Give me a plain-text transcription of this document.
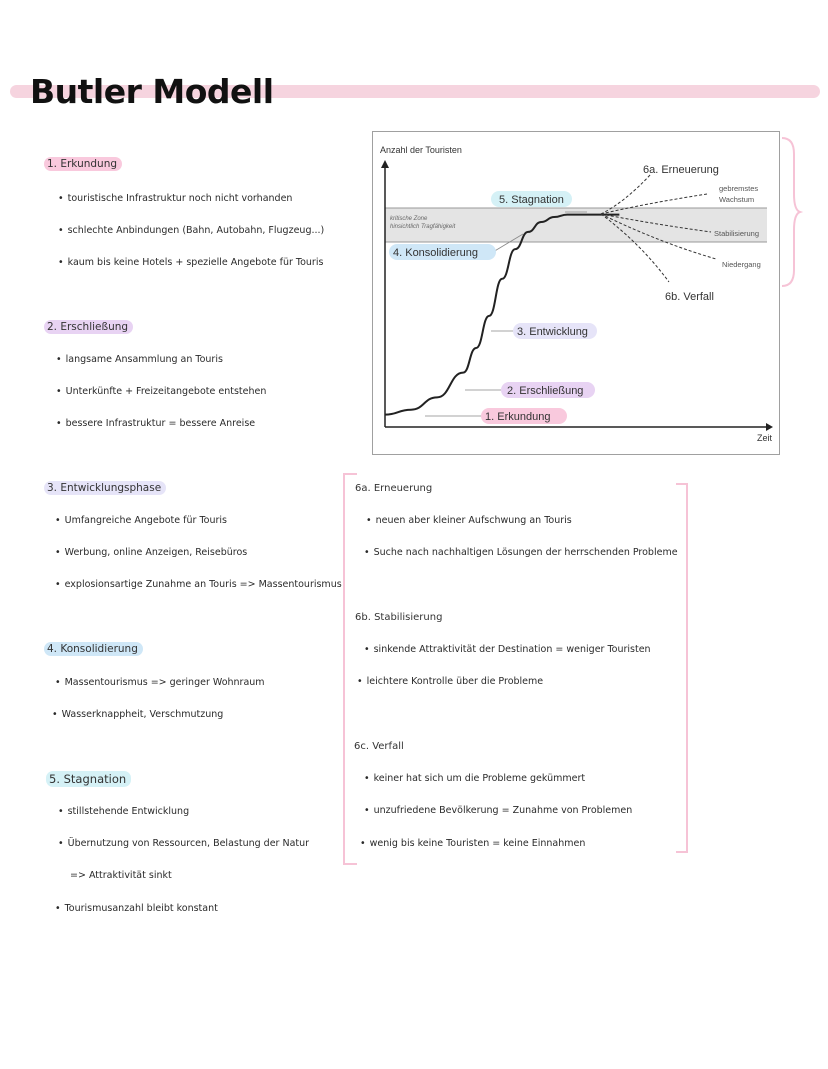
Butler Modell
1. Erkundung
• touristische Infrastruktur noch nicht vorhanden
• schlechte Anbindungen (Bahn, Autobahn, Flugzeug...)
• kaum bis keine Hotels + spezielle Angebote für Touris
2. Erschließung
• langsame Ansammlung an Touris
• Unterkünfte + Freizeitangebote entstehen
• bessere Infrastruktur = bessere Anreise
3. Entwicklungsphase
• Umfangreiche Angebote für Touris
• Werbung, online Anzeigen, Reisebüros
• explosionsartige Zunahme an Touris => Massentourismus
4. Konsolidierung
• Massentourismus => geringer Wohnraum
• Wasserknappheit, Verschmutzung
5. Stagnation
• stillstehende Entwicklung
• Übernutzung von Ressourcen, Belastung der Natur
=> Attraktivität sinkt
• Tourismusanzahl bleibt konstant
6a. Erneuerung
• neuen aber kleiner Aufschwung an Touris
• Suche nach nachhaltigen Lösungen der herrschenden Probleme
6b. Stabilisierung
• sinkende Attraktivität der Destination = weniger Touristen
• leichtere Kontrolle über die Probleme
6c. Verfall
• keiner hat sich um die Probleme gekümmert
• unzufriedene Bevölkerung = Zunahme von Problemen
• wenig bis keine Touristen = keine Einnahmen
kritische Zone
hinsichtlich Tragfähigkeit
Anzahl der Touristen
Zeit
6a. Erneuerung
gebremstes
Wachstum
Stabilisierung
Niedergang
6b. Verfall
5. Stagnation
4. Konsolidierung
3. Entwicklung
2. Erschließung
1. Erkundung
